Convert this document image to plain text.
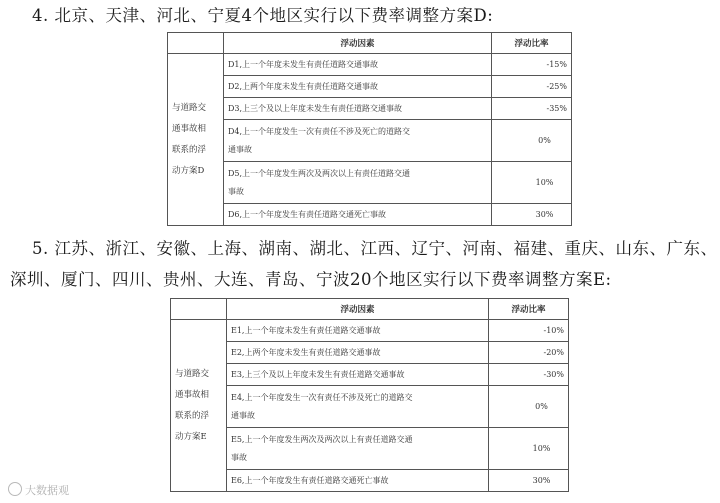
4. 北京、天津、河北、宁夏4个地区实行以下费率调整方案D:
	浮动因素	浮动比率

与道路交
通事故相
联系的浮
动方案D	D1,上一个年度未发生有责任道路交通事故	-15%

	D2,上两个年度未发生有责任道路交通事故	-25%

	D3,上三个及以上年度未发生有责任道路交通事故	-35%

	D4,上一个年度发生一次有责任不涉及死亡的道路交
通事故	0%

	D5,上一个年度发生两次及两次以上有责任道路交通
事故	10%

	D6,上一个年度发生有责任道路交通死亡事故	30%
5. 江苏、浙江、安徽、上海、湖南、湖北、江西、辽宁、河南、福建、重庆、山东、广东、
深圳、厦门、四川、贵州、大连、青岛、宁波20个地区实行以下费率调整方案E:
	浮动因素	浮动比率

与道路交
通事故相
联系的浮
动方案E	E1,上一个年度未发生有责任道路交通事故	-10%

	E2,上两个年度未发生有责任道路交通事故	-20%

	E3,上三个及以上年度未发生有责任道路交通事故	-30%

	E4,上一个年度发生一次有责任不涉及死亡的道路交
通事故	0%

	E5,上一个年度发生两次及两次以上有责任道路交通
事故	10%

	E6,上一个年度发生有责任道路交通死亡事故	30%
大数据观
